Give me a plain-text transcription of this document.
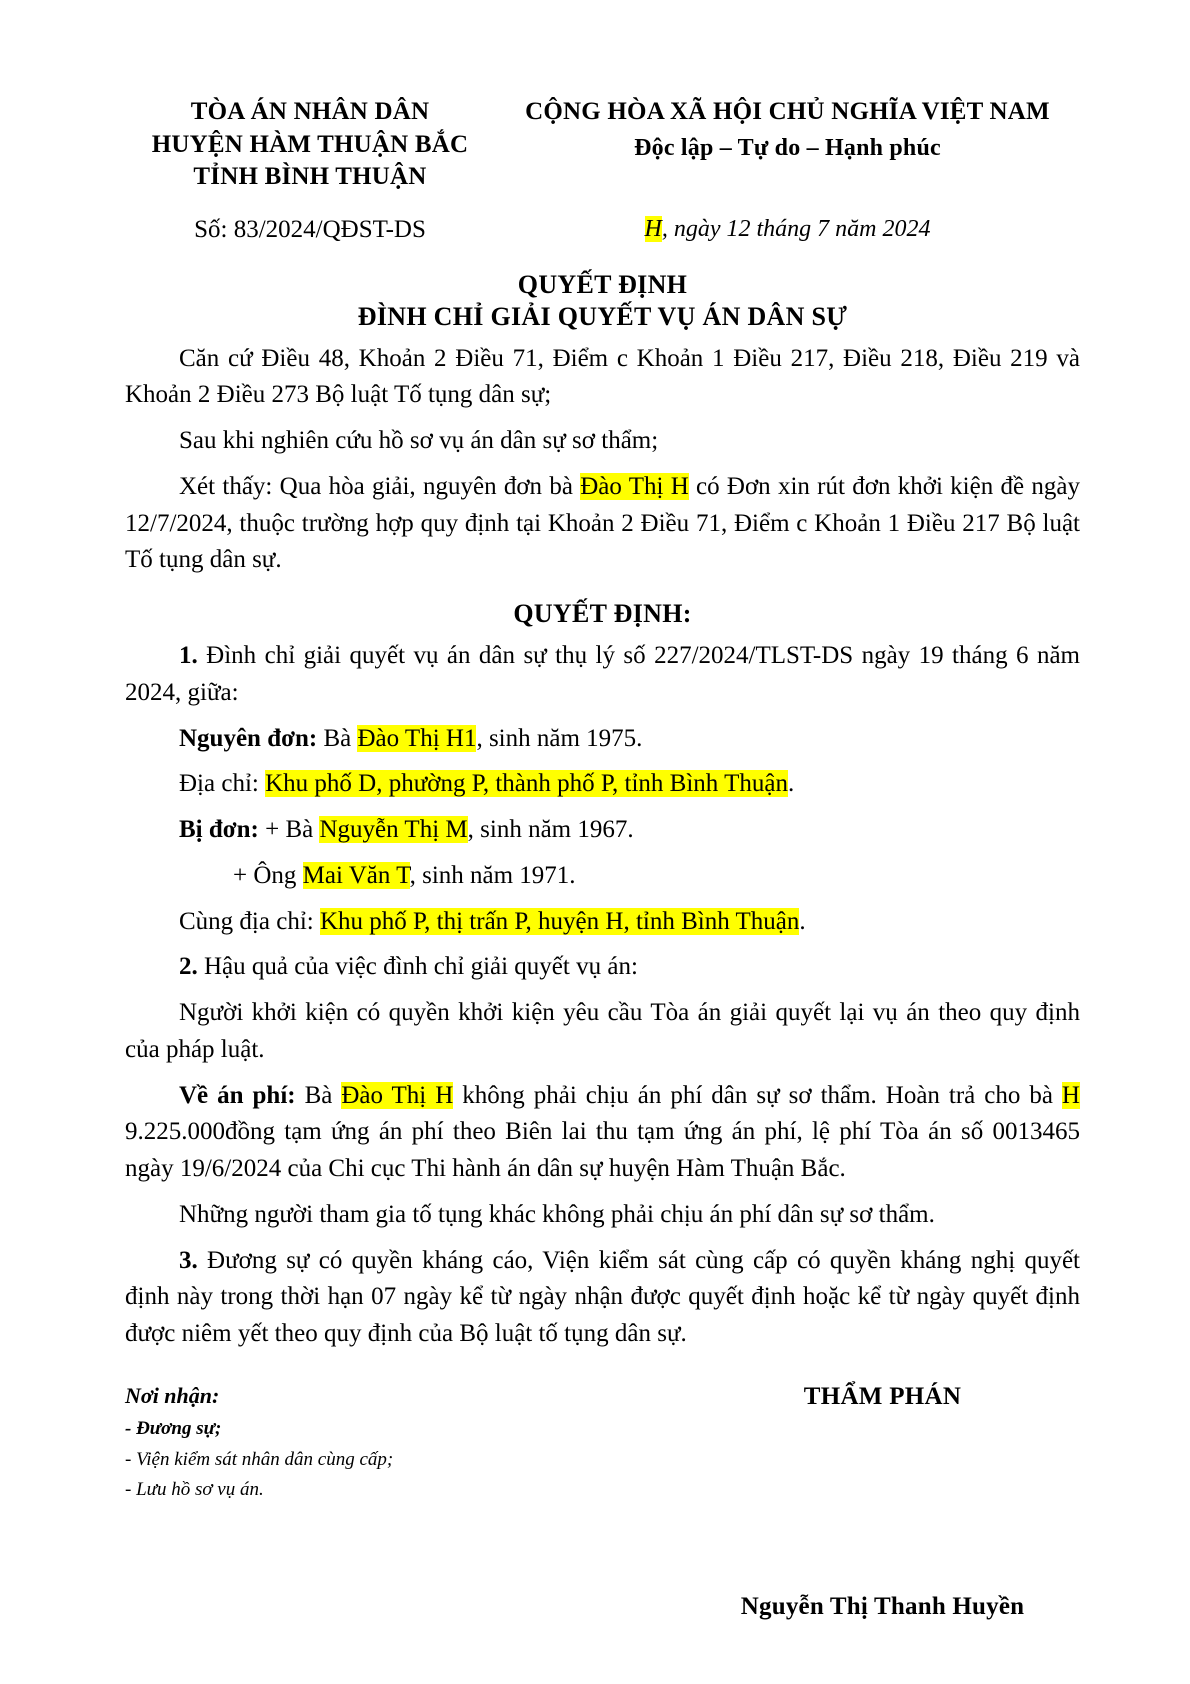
TÒA ÁN NHÂN DÂN
HUYỆN HÀM THUẬN BẮC
TỈNH BÌNH THUẬN
CỘNG HÒA XÃ HỘI CHỦ NGHĨA VIỆT NAM
Độc lập – Tự do – Hạnh phúc
Số: 83/2024/QĐST-DS	H, ngày 12 tháng 7 năm 2024
QUYẾT ĐỊNH
ĐÌNH CHỈ GIẢI QUYẾT VỤ ÁN DÂN SỰ

Căn cứ Điều 48, Khoản 2 Điều 71, Điểm c Khoản 1 Điều 217, Điều 218, Điều 219 và Khoản 2 Điều 273 Bộ luật Tố tụng dân sự;

Sau khi nghiên cứu hồ sơ vụ án dân sự sơ thẩm;

Xét thấy: Qua hòa giải, nguyên đơn bà Đào Thị H có Đơn xin rút đơn khởi kiện đề ngày 12/7/2024, thuộc trường hợp quy định tại Khoản 2 Điều 71, Điểm c Khoản 1 Điều 217 Bộ luật Tố tụng dân sự.

QUYẾT ĐỊNH:

1. Đình chỉ giải quyết vụ án dân sự thụ lý số 227/2024/TLST-DS ngày 19 tháng 6 năm 2024, giữa:

Nguyên đơn: Bà Đào Thị H1, sinh năm 1975.

Địa chỉ: Khu phố D, phường P, thành phố P, tỉnh Bình Thuận.

Bị đơn: + Bà Nguyễn Thị M, sinh năm 1967.

+ Ông Mai Văn T, sinh năm 1971.

Cùng địa chỉ: Khu phố P, thị trấn P, huyện H, tỉnh Bình Thuận.

2. Hậu quả của việc đình chỉ giải quyết vụ án:

Người khởi kiện có quyền khởi kiện yêu cầu Tòa án giải quyết lại vụ án theo quy định của pháp luật.

Về án phí: Bà Đào Thị H không phải chịu án phí dân sự sơ thẩm. Hoàn trả cho bà H 9.225.000đồng tạm ứng án phí theo Biên lai thu tạm ứng án phí, lệ phí Tòa án số 0013465 ngày 19/6/2024 của Chi cục Thi hành án dân sự huyện Hàm Thuận Bắc.

Những người tham gia tố tụng khác không phải chịu án phí dân sự sơ thẩm.

3. Đương sự có quyền kháng cáo, Viện kiểm sát cùng cấp có quyền kháng nghị quyết định này trong thời hạn 07 ngày kể từ ngày nhận được quyết định hoặc kể từ ngày quyết định được niêm yết theo quy định của Bộ luật tố tụng dân sự.

Nơi nhận:
- Đương sự;
- Viện kiểm sát nhân dân cùng cấp;
- Lưu hồ sơ vụ án.
THẨM PHÁN
Nguyễn Thị Thanh Huyền
